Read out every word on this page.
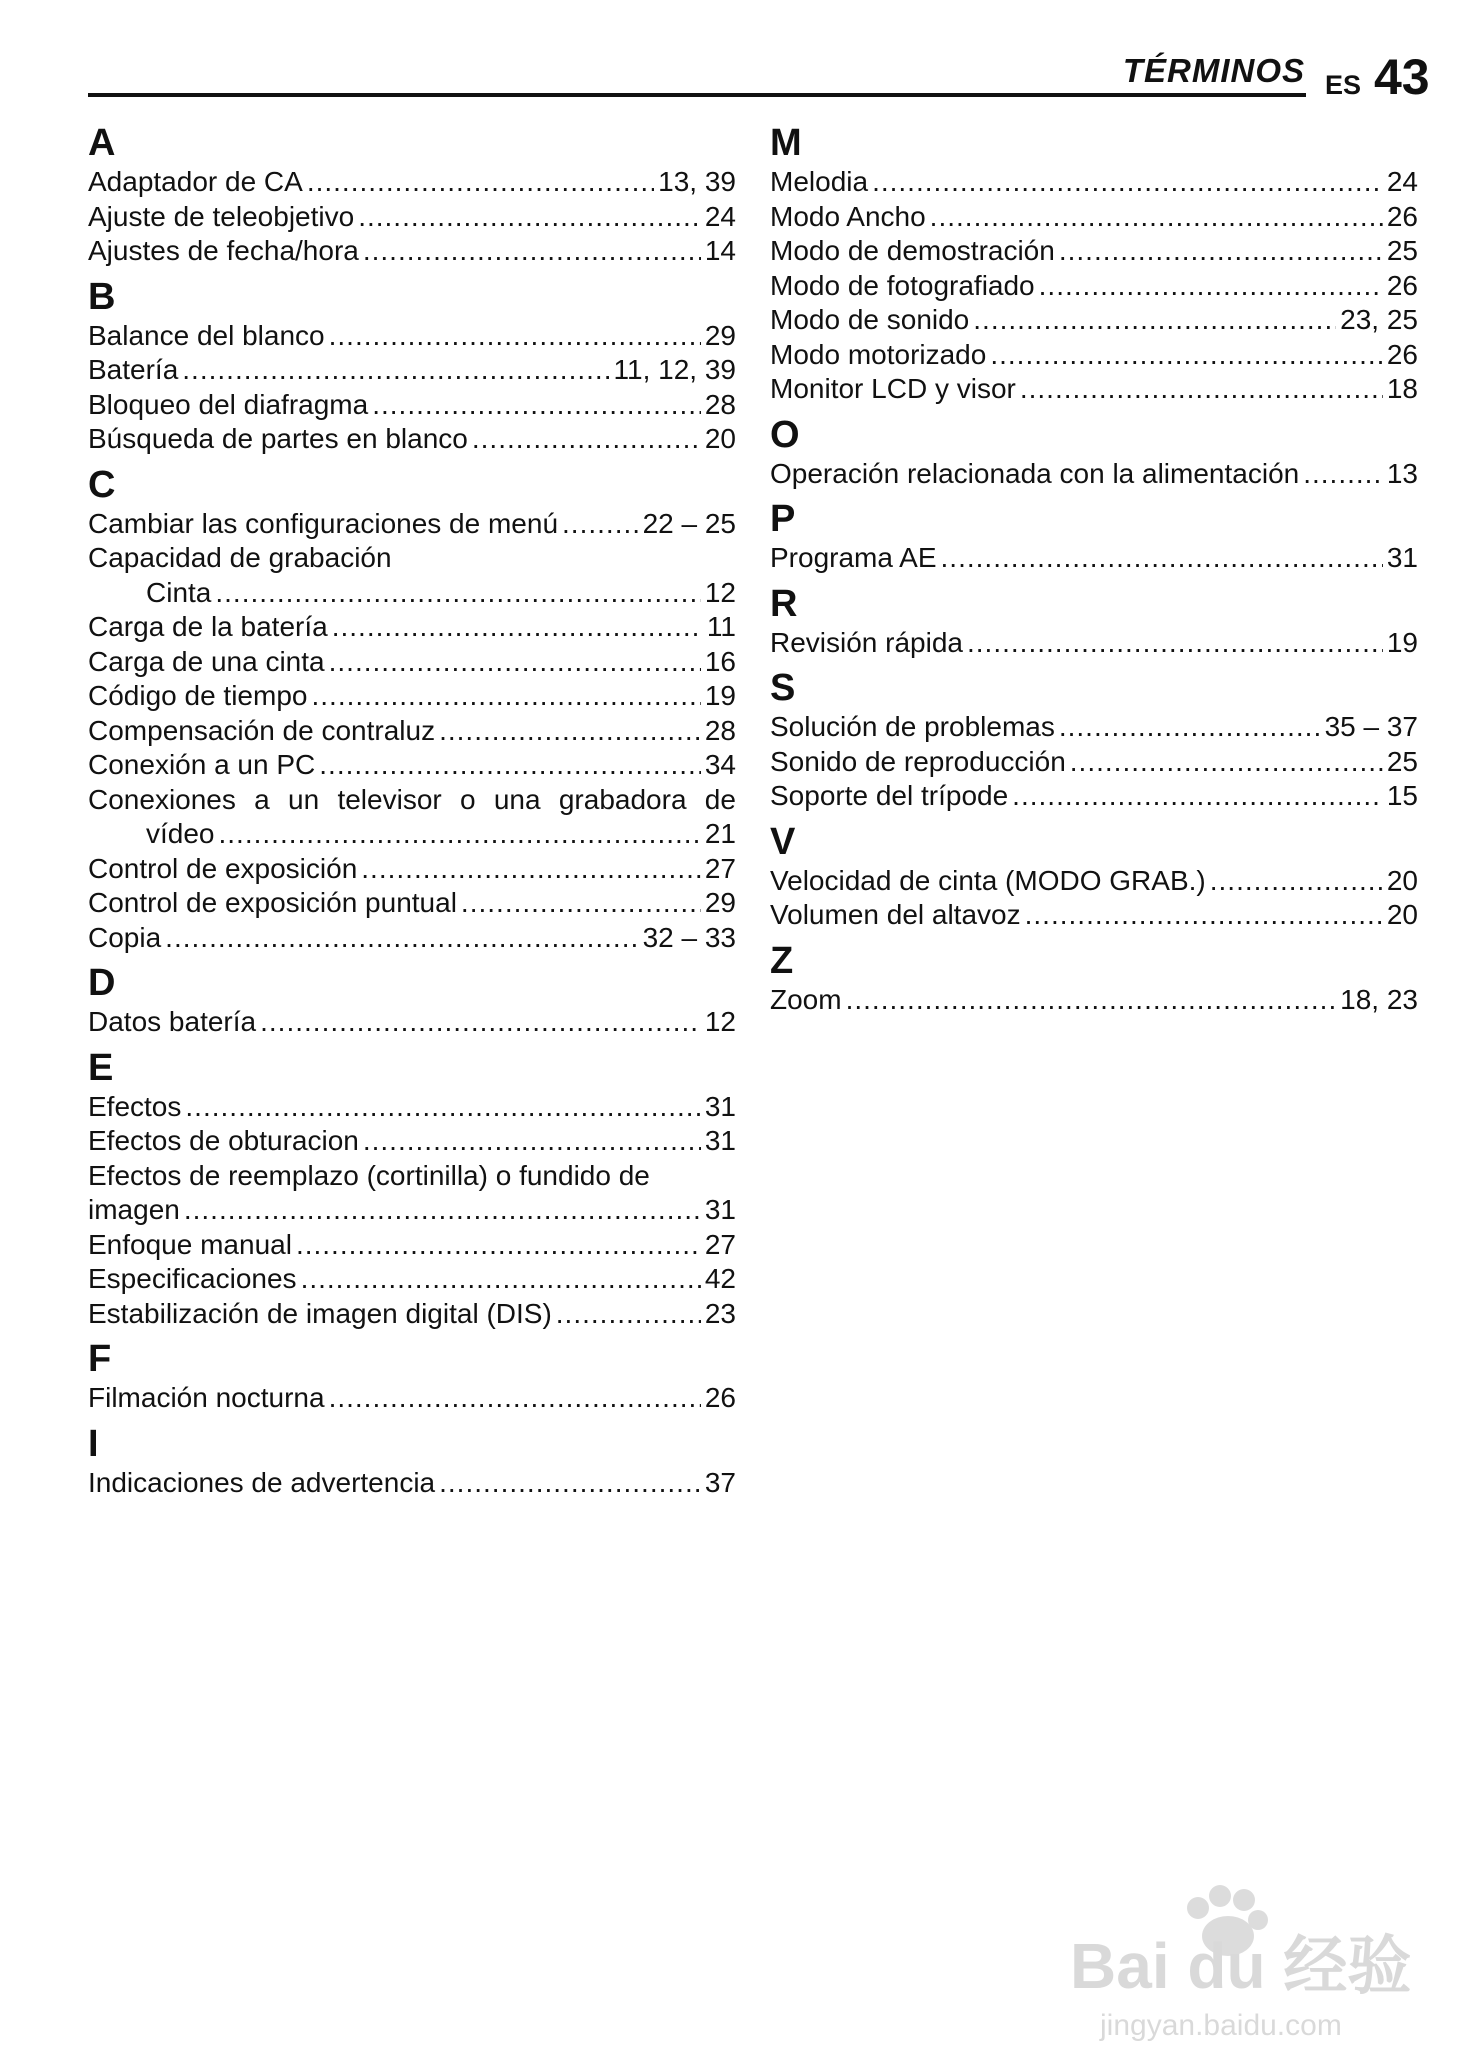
TÉRMINOS ES 43
A
Adaptador de CA .....	13, 39
Ajuste de teleobjetivo .....	24
Ajustes de fecha/hora .....	14
B
Balance del blanco .....	29
Batería .....	11, 12, 39
Bloqueo del diafragma .....	28
Búsqueda de partes en blanco .....	20
C
Cambiar las configuraciones de menú .....	22 – 25
Capacidad de grabación
Cinta .....	12
Carga de la batería .....	11
Carga de una cinta .....	16
Código de tiempo .....	19
Compensación de contraluz .....	28
Conexión a un PC .....	34
Conexiones a un televisor o una grabadora de
vídeo .....	21
Control de exposición .....	27
Control de exposición puntual .....	29
Copia .....	32 – 33
D
Datos batería .....	12
E
Efectos .....	31
Efectos de obturacion .....	31
Efectos de reemplazo (cortinilla) o fundido de
imagen .....	31
Enfoque manual .....	27
Especificaciones .....	42
Estabilización de imagen digital (DIS) .....	23
F
Filmación nocturna .....	26
I
Indicaciones de advertencia .....	37
M
Melodia .....	24
Modo Ancho .....	26
Modo de demostración .....	25
Modo de fotografiado .....	26
Modo de sonido .....	23, 25
Modo motorizado .....	26
Monitor LCD y visor .....	18
O
Operación relacionada con la alimentación .....	13
P
Programa AE .....	31
R
Revisión rápida .....	19
S
Solución de problemas .....	35 – 37
Sonido de reproducción .....	25
Soporte del trípode .....	15
V
Velocidad de cinta (MODO GRAB.) .....	20
Volumen del altavoz .....	20
Z
Zoom .....	18, 23
Bai du 经验
jingyan.baidu.com
